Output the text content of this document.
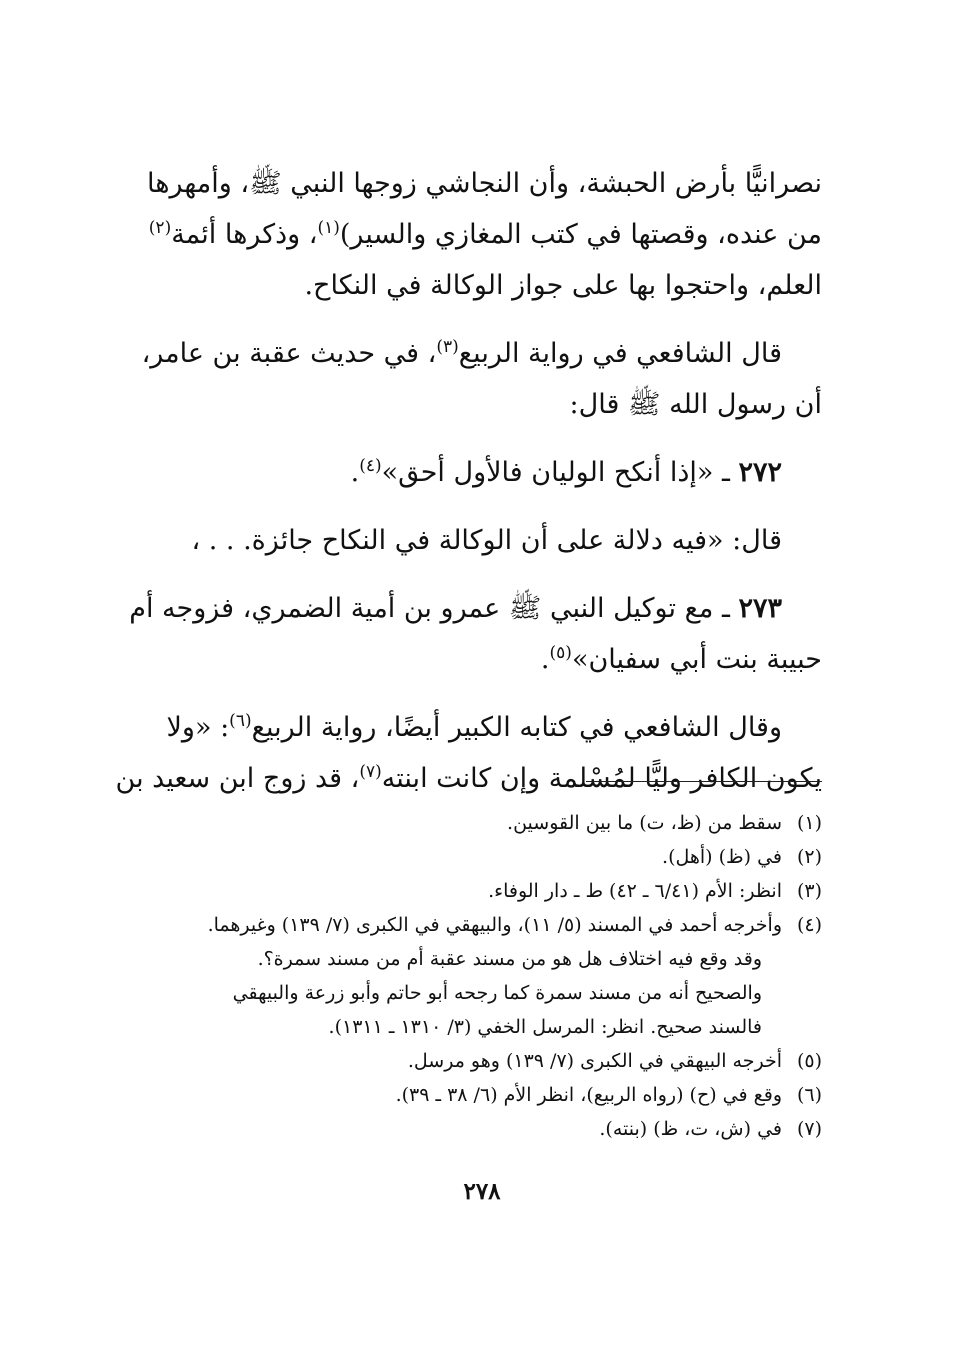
نصرانيًّا بأرض الحبشة، وأن النجاشي زوجها النبي ﷺ، وأمهرها
من عنده، وقصتها في كتب المغازي والسير)$^{(١)}$، وذكرها أئمة$^{(٢)}$
العلم، واحتجوا بها على جواز الوكالة في النكاح.

قال الشافعي في رواية الربيع$^{(٣)}$، في حديث عقبة بن عامر،
أن رسول الله ﷺ قال:

٢٧٢ ـ «إذا أنكح الوليان فالأول أحق»$^{(٤)}$.

قال: «فيه دلالة على أن الوكالة في النكاح جائزة. . . ،

٢٧٣ ـ مع توكيل النبي ﷺ عمرو بن أمية الضمري، فزوجه أم
حبيبة بنت أبي سفيان»$^{(٥)}$.

وقال الشافعي في كتابه الكبير أيضًا، رواية الربيع$^{(٦)}$: «ولا
يكون الكافر وليًّا لمُسْلمة وإن كانت ابنته$^{(٧)}$، قد زوج ابن سعيد بن

(١)
سقط من (ظ، ت) ما بين القوسين.
(٢)
في (ظ) (أهل).
(٣)
انظر: الأم (٦/٤١ ـ ٤٢) ط ـ دار الوفاء.
(٤)
وأخرجه أحمد في المسند (٥/ ١١)، والبيهقي في الكبرى (٧/ ١٣٩) وغيرهما.
وقد وقع فيه اختلاف هل هو من مسند عقبة أم من مسند سمرة؟.
والصحيح أنه من مسند سمرة كما رجحه أبو حاتم وأبو زرعة والبيهقي
فالسند صحيح. انظر: المرسل الخفي (٣/ ١٣١٠ ـ ١٣١١).
(٥)
أخرجه البيهقي في الكبرى (٧/ ١٣٩) وهو مرسل.
(٦)
وقع في (ح) (رواه الربيع)، انظر الأم (٦/ ٣٨ ـ ٣٩).
(٧)
في (ش، ت، ظ) (بنته).
٢٧٨
